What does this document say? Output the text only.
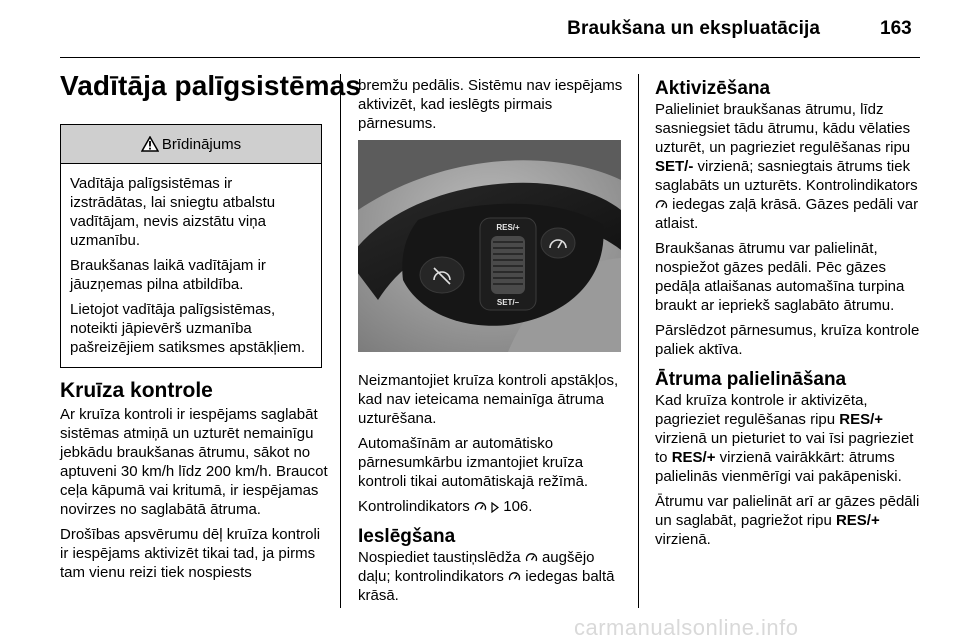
Braukšana un ekspluatācija	163
Vadītāja palīgsistēmas
Brīdinājums

Vadītāja palīgsistēmas ir izstrādātas, lai sniegtu atbalstu vadītājam, nevis aizstātu viņa uzmanību.

Braukšanas laikā vadītājam ir jāuzņemas pilna atbildība.

Lietojot vadītāja palīgsistēmas, noteikti jāpievērš uzmanība pašreizējiem satiksmes apstākļiem.

Kruīza kontrole

Ar kruīza kontroli ir iespējams saglabāt sistēmas atmiņā un uzturēt nemainīgu jebkādu braukšanas ātrumu, sākot no aptuveni 30 km/h līdz 200 km/h. Braucot ceļa kāpumā vai kritumā, ir iespējamas novirzes no saglabātā ātruma.

Drošības apsvērumu dēļ kruīza kontroli ir iespējams aktivizēt tikai tad, ja pirms tam vienu reizi tiek nospiests

bremžu pedālis. Sistēmu nav iespējams aktivizēt, kad ieslēgts pirmais pārnesums.

RES/+
SET/–

Neizmantojiet kruīza kontroli apstākļos, kad nav ieteicama nemainīga ātruma uzturēšana.

Automašīnām ar automātisko pārnesumkārbu izmantojiet kruīza kontroli tikai automātiskajā režīmā.

Kontrolindikators 106.

Ieslēgšana

Nospiediet taustiņslēdža augšējo daļu; kontrolindikators iedegas baltā krāsā.

Aktivizēšana

Palieliniet braukšanas ātrumu, līdz sasniegsiet tādu ātrumu, kādu vēlaties uzturēt, un pagrieziet regulēšanas ripu SET/- virzienā; sasniegtais ātrums tiek saglabāts un uzturēts. Kontrolindikators  iedegas zaļā krāsā. Gāzes pedāli var atlaist.

Braukšanas ātrumu var palielināt, nospiežot gāzes pedāli. Pēc gāzes pedāļa atlaišanas automašīna turpina braukt ar iepriekš saglabāto ātrumu.

Pārslēdzot pārnesumus, kruīza kontrole paliek aktīva.

Ātruma palielināšana

Kad kruīza kontrole ir aktivizēta, pagrieziet regulēšanas ripu RES/+ virzienā un pieturiet to vai īsi pagrieziet to RES/+ virzienā vairākkārt: ātrums palielinās vienmērīgi vai pakāpeniski.

Ātrumu var palielināt arī ar gāzes pēdāli un saglabāt, pagriežot ripu RES/+ virzienā.

carmanualsonline.info
